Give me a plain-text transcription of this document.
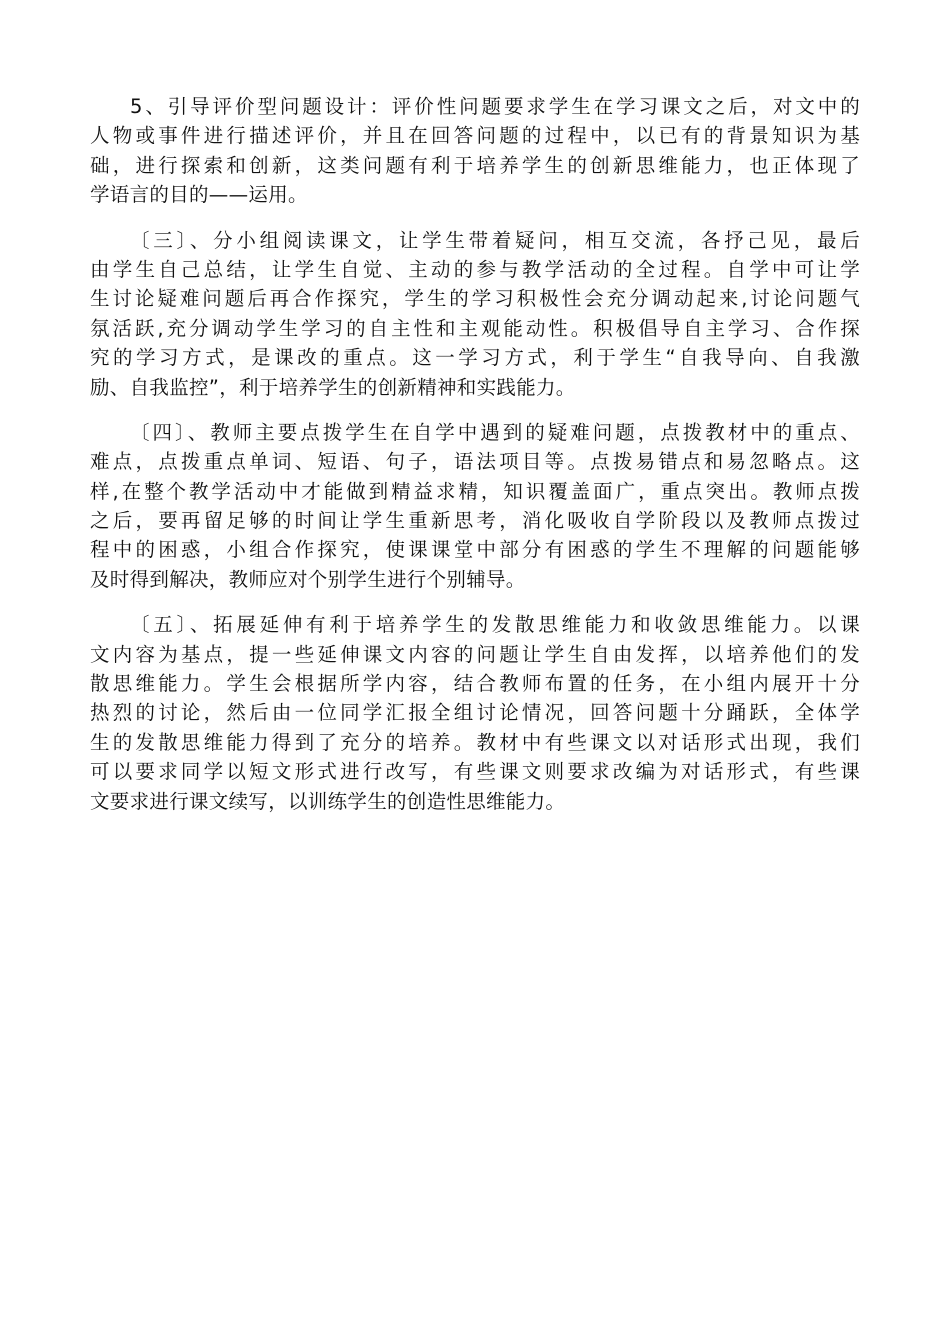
5、引导评价型问题设计：评价性问题要求学生在学习课文之后，对文中的
人物或事件进行描述评价，并且在回答问题的过程中，以已有的背景知识为基
础，进行探索和创新，这类问题有利于培养学生的创新思维能力，也正体现了
学语言的目的——运用。
〔三〕、分小组阅读课文，让学生带着疑问，相互交流，各抒己见，最后
由学生自己总结，让学生自觉、主动的参与教学活动的全过程。自学中可让学
生讨论疑难问题后再合作探究，学生的学习积极性会充分调动起来,讨论问题气
氛活跃,充分调动学生学习的自主性和主观能动性。积极倡导自主学习、合作探
究的学习方式，是课改的重点。这一学习方式，利于学生“自我导向、自我激
励、自我监控”，利于培养学生的创新精神和实践能力。
〔四〕、教师主要点拨学生在自学中遇到的疑难问题，点拨教材中的重点、
难点，点拨重点单词、短语、句子，语法项目等。点拨易错点和易忽略点。这
样,在整个教学活动中才能做到精益求精，知识覆盖面广，重点突出。教师点拨
之后，要再留足够的时间让学生重新思考，消化吸收自学阶段以及教师点拨过
程中的困惑，小组合作探究，使课课堂中部分有困惑的学生不理解的问题能够
及时得到解决，教师应对个别学生进行个别辅导。
〔五〕、拓展延伸有利于培养学生的发散思维能力和收敛思维能力。以课
文内容为基点，提一些延伸课文内容的问题让学生自由发挥，以培养他们的发
散思维能力。学生会根据所学内容，结合教师布置的任务，在小组内展开十分
热烈的讨论，然后由一位同学汇报全组讨论情况，回答问题十分踊跃，全体学
生的发散思维能力得到了充分的培养。教材中有些课文以对话形式出现，我们
可以要求同学以短文形式进行改写，有些课文则要求改编为对话形式，有些课
文要求进行课文续写，以训练学生的创造性思维能力。
